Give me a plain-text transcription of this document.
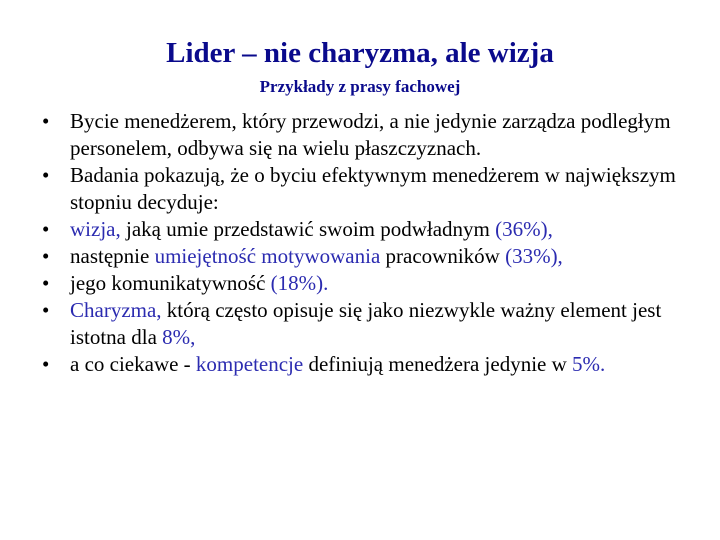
Lider – nie charyzma, ale wizja
Przykłady z prasy fachowej
• Bycie menedżerem, który przewodzi, a nie jedynie zarządza podległym personelem, odbywa się na wielu płaszczyznach.
• Badania pokazują, że o byciu efektywnym menedżerem w największym stopniu decyduje:
• wizja, jaką umie przedstawić swoim podwładnym (36%),
• następnie umiejętność motywowania pracowników (33%),
• jego komunikatywność (18%).
• Charyzma, którą często opisuje się jako niezwykle ważny element jest istotna dla 8%,
• a co ciekawe - kompetencje definiują menedżera jedynie w 5%.
